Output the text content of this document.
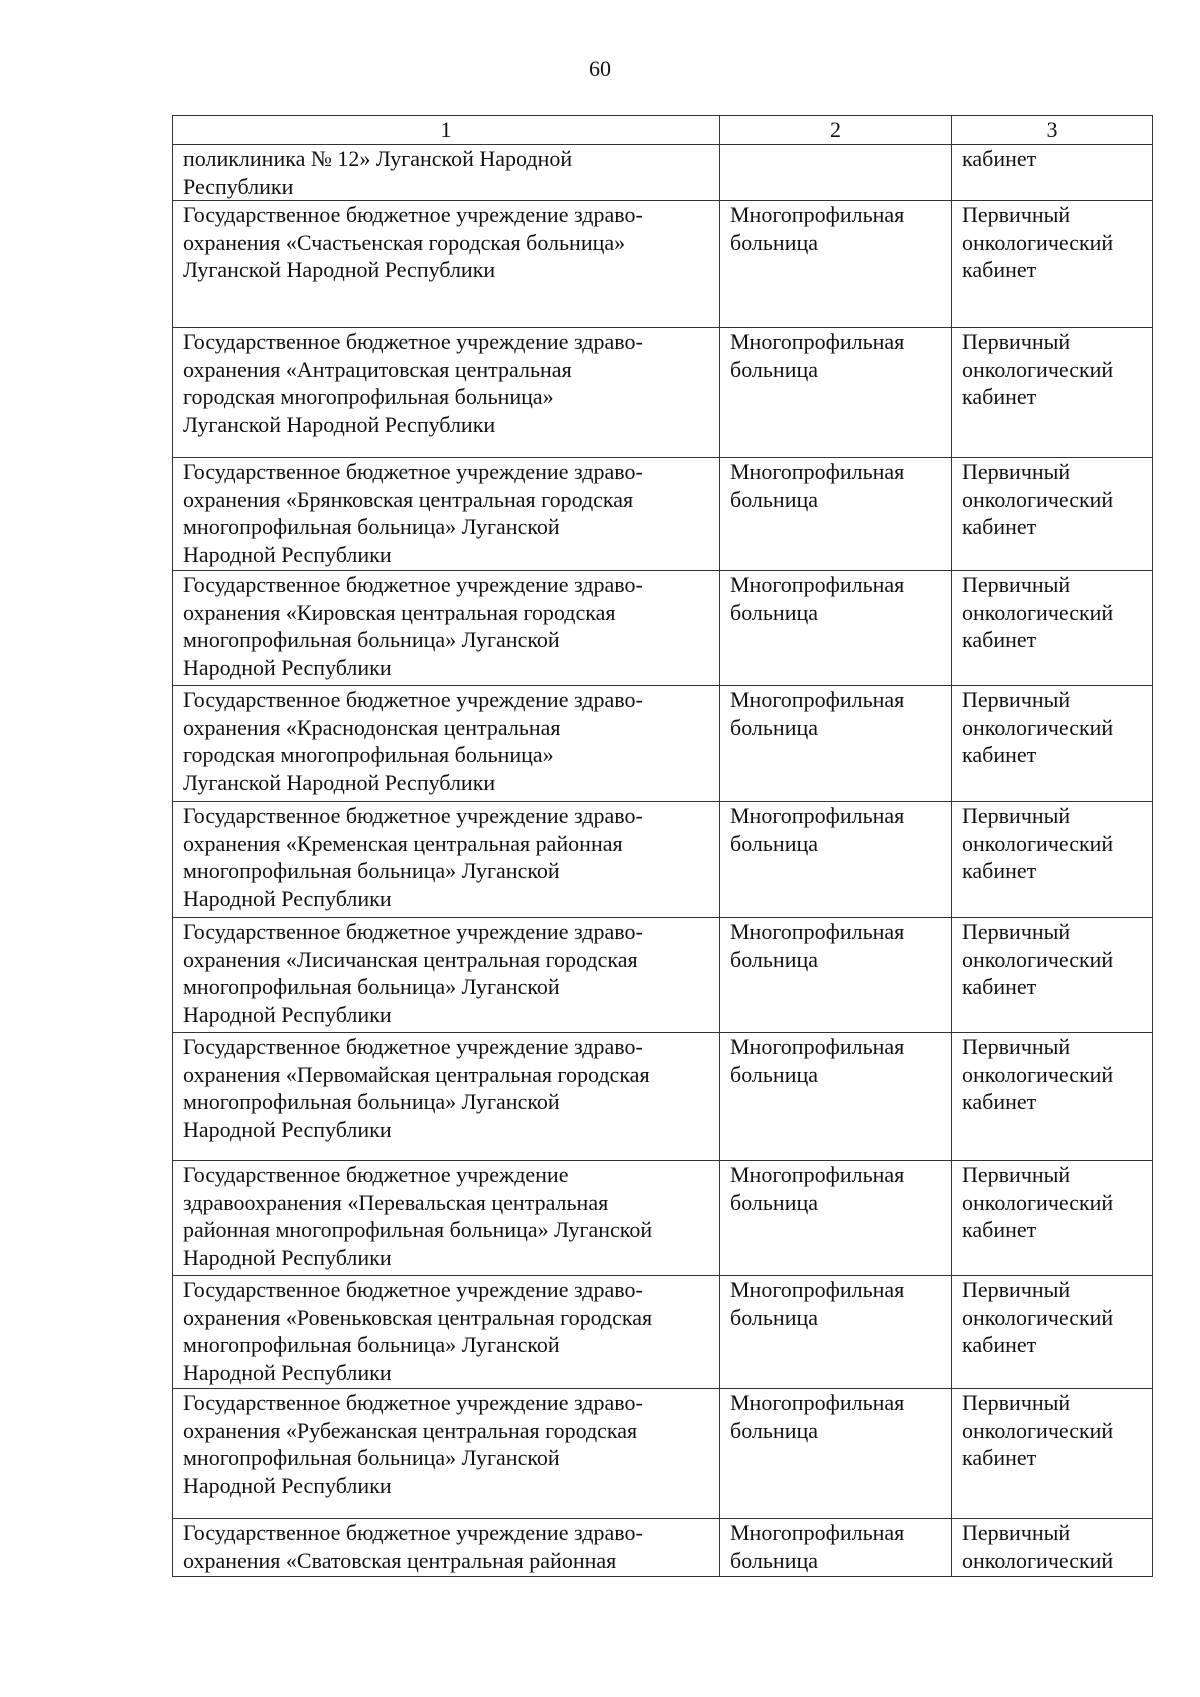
60
1	2	3

поликлиника № 12» Луганской Народной
Республики		кабинет

Государственное бюджетное учреждение здраво-
охранения «Счастьенская городская больница»
Луганской Народной Республики	Многопрофильная
больница	Первичный
онкологический
кабинет

Государственное бюджетное учреждение здраво-
охранения «Антрацитовская центральная
городская многопрофильная больница»
Луганской Народной Республики	Многопрофильная
больница	Первичный
онкологический
кабинет

Государственное бюджетное учреждение здраво-
охранения «Брянковская центральная городская
многопрофильная больница» Луганской
Народной Республики	Многопрофильная
больница	Первичный
онкологический
кабинет

Государственное бюджетное учреждение здраво-
охранения «Кировская центральная городская
многопрофильная больница» Луганской
Народной Республики	Многопрофильная
больница	Первичный
онкологический
кабинет

Государственное бюджетное учреждение здраво-
охранения «Краснодонская центральная
городская многопрофильная больница»
Луганской Народной Республики	Многопрофильная
больница	Первичный
онкологический
кабинет

Государственное бюджетное учреждение здраво-
охранения «Кременская центральная районная
многопрофильная больница» Луганской
Народной Республики	Многопрофильная
больница	Первичный
онкологический
кабинет

Государственное бюджетное учреждение здраво-
охранения «Лисичанская центральная городская
многопрофильная больница» Луганской
Народной Республики	Многопрофильная
больница	Первичный
онкологический
кабинет

Государственное бюджетное учреждение здраво-
охранения «Первомайская центральная городская
многопрофильная больница» Луганской
Народной Республики	Многопрофильная
больница	Первичный
онкологический
кабинет

Государственное бюджетное учреждение
здравоохранения «Перевальская центральная
районная многопрофильная больница» Луганской
Народной Республики	Многопрофильная
больница	Первичный
онкологический
кабинет

Государственное бюджетное учреждение здраво-
охранения «Ровеньковская центральная городская
многопрофильная больница» Луганской
Народной Республики	Многопрофильная
больница	Первичный
онкологический
кабинет

Государственное бюджетное учреждение здраво-
охранения «Рубежанская центральная городская
многопрофильная больница» Луганской
Народной Республики	Многопрофильная
больница	Первичный
онкологический
кабинет

Государственное бюджетное учреждение здраво-
охранения «Сватовская центральная районная	Многопрофильная
больница	Первичный
онкологический
